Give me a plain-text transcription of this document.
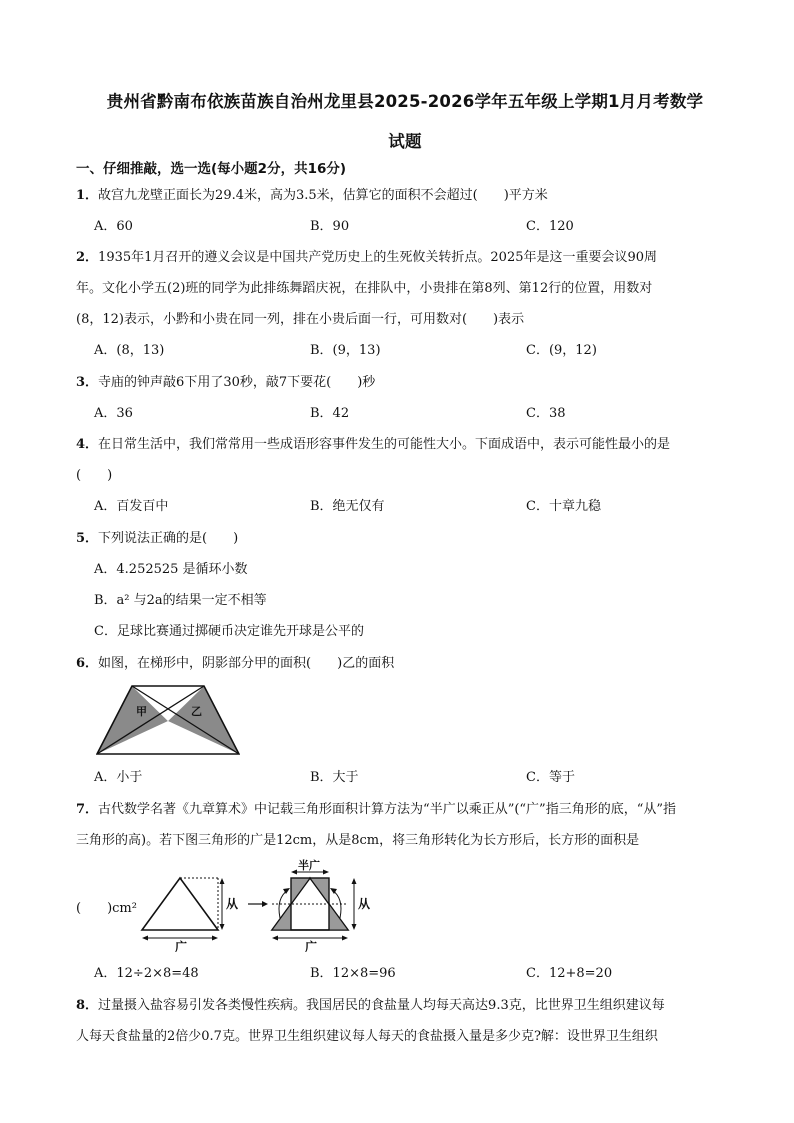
贵州省黔南布依族苗族自治州龙里县2025-2026学年五年级上学期1月月考数学
试题
一、仔细推敲，选一选(每小题2分，共16分)
1．故宫九龙壁正面长为29.4米，高为3.5米，估算它的面积不会超过(　　)平方米
A．60	B．90	C．120
2．1935年1月召开的遵义会议是中国共产党历史上的生死攸关转折点。2025年是这一重要会议90周
年。文化小学五(2)班的同学为此排练舞蹈庆祝，在排队中，小贵排在第8列、第12行的位置，用数对
(8，12)表示，小黔和小贵在同一列，排在小贵后面一行，可用数对(　　)表示
A．(8，13)	B．(9，13)	C．(9，12)
3．寺庙的钟声敲6下用了30秒，敲7下要花(　　)秒
A．36	B．42	C．38
4．在日常生活中，我们常常用一些成语形容事件发生的可能性大小。下面成语中，表示可能性最小的是
(　　)
A．百发百中	B．绝无仅有	C．十章九稳
5．下列说法正确的是(　　)
A．4.252525 是循环小数
B．a² 与2a的结果一定不相等
C．足球比赛通过掷硬币决定谁先开球是公平的
6．如图，在梯形中，阴影部分甲的面积(　　)乙的面积
甲	乙
A．小于	B．大于	C．等于
7．古代数学名著《九章算术》中记载三角形面积计算方法为“半广以乘正从”(“广”指三角形的底，“从”指
三角形的高)。若下图三角形的广是12cm，从是8cm，将三角形转化为长方形后，长方形的面积是
(　　)cm²	从
广
半广
从
广
A．12÷2×8=48	B．12×8=96	C．12+8=20
8．过量摄入盐容易引发各类慢性疾病。我国居民的食盐量人均每天高达9.3克，比世界卫生组织建议每
人每天食盐量的2倍少0.7克。世界卫生组织建议每人每天的食盐摄入量是多少克?解：设世界卫生组织
